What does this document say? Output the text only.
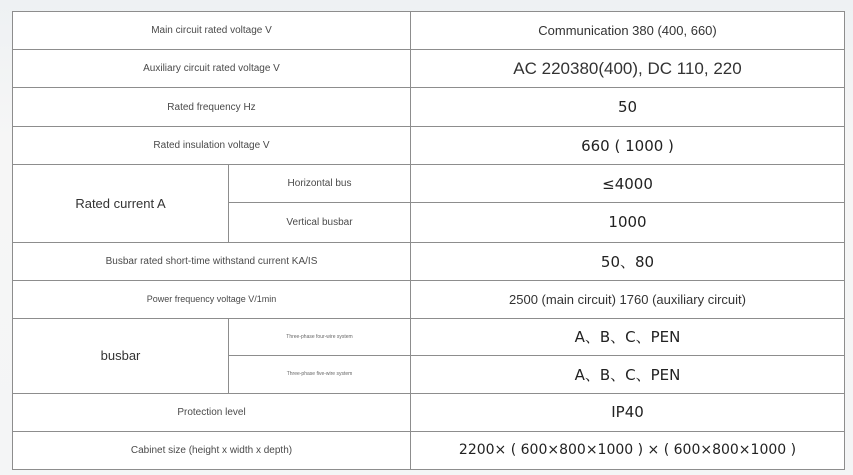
Main circuit rated voltage V		Communication 380 (400, 660)
Auxiliary circuit rated voltage V		AC 220380(400), DC 110, 220
Rated frequency Hz		50
Rated insulation voltage V		660 ( 1000 )
Rated current A	Horizontal bus	≤4000
	Vertical busbar	1000
Busbar rated short-time withstand current KA/IS		50、80
Power frequency voltage V/1min		2500 (main circuit) 1760 (auxiliary circuit)
busbar	Three-phase four-wire system	A、B、C、PEN
	Three-phase five-wire system	A、B、C、PEN
Protection level		IP40
Cabinet size (height x width x depth)		2200× ( 600×800×1000 ) × ( 600×800×1000 )
